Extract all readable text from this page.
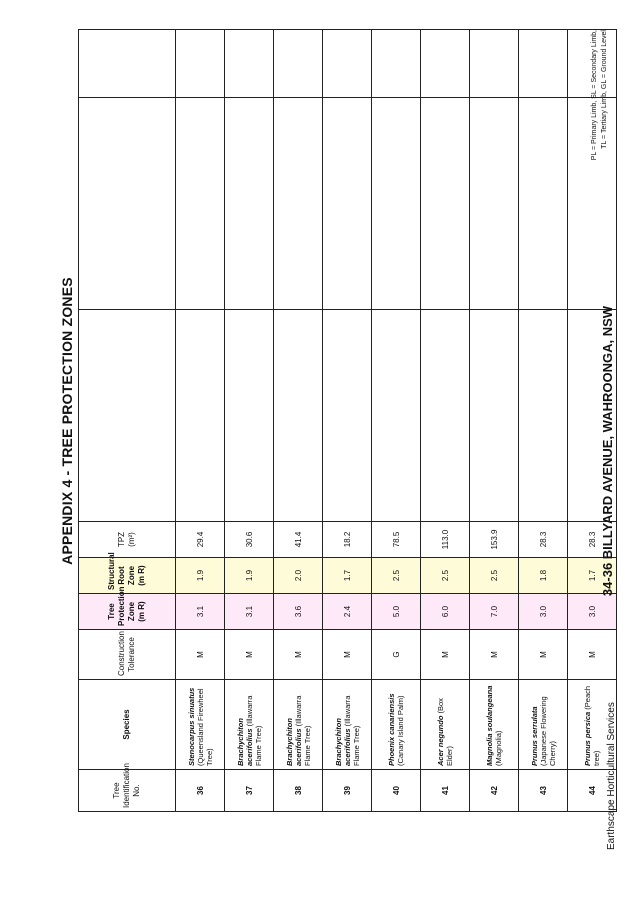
APPENDIX 4 - TREE PROTECTION ZONES
Tree Identification No.	Species	Construction Tolerance	Tree Protection Zone (m R)	Structural Root Zone (m R)	TPZ (m²)			
36	Stenocarpus sinuatus (Queensland Firewheel Tree)	M	3.1	1.9	29.4			
37	Brachychiton acerifolius (Illawarra Flame Tree)	M	3.1	1.9	30.6			
38	Brachychiton acerifolius (Illawarra Flame Tree)	M	3.6	2.0	41.4			
39	Brachychiton acerifolius (Illawarra Flame Tree)	M	2.4	1.7	18.2			
40	Phoenix canariensis (Canary Island Palm)	G	5.0	2.5	78.5			
41	Acer negundo (Box Elder)	M	6.0	2.5	113.0			
42	Magnolia soulangeana (Magnolia)	M	7.0	2.5	153.9			
43	Prunus serrulata (Japanese Flowering Cherry)	M	3.0	1.8	28.3			
44	Prunus persica (Peach tree)	M	3.0	1.7	28.3			
Earthscape Horticultural Services
34-36 BILLYARD AVENUE, WAHROONGA, NSW
PL = Primary Limb, SL = Secondary Limb, TL = Tertiary Limb, GL = Ground Level
